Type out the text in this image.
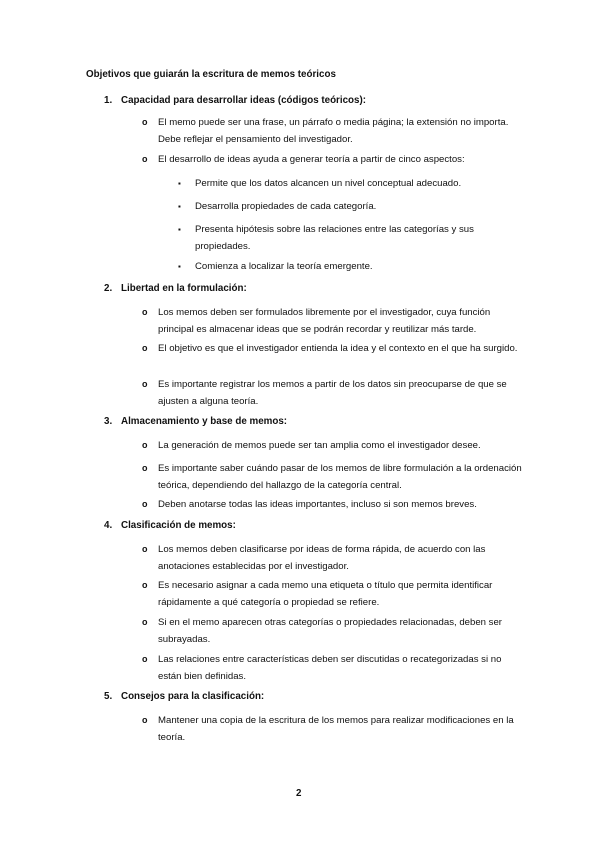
Objetivos que guiarán la escritura de memos teóricos
1. Capacidad para desarrollar ideas (códigos teóricos):
o	El memo puede ser una frase, un párrafo o media página; la extensión no importa. Debe reflejar el pensamiento del investigador.
o	El desarrollo de ideas ayuda a generar teoría a partir de cinco aspectos:
▪	Permite que los datos alcancen un nivel conceptual adecuado.
▪	Desarrolla propiedades de cada categoría.
▪	Presenta hipótesis sobre las relaciones entre las categorías y sus propiedades.
▪	Comienza a localizar la teoría emergente.
2. Libertad en la formulación:
o	Los memos deben ser formulados libremente por el investigador, cuya función principal es almacenar ideas que se podrán recordar y reutilizar más tarde.
o	El objetivo es que el investigador entienda la idea y el contexto en el que ha surgido.
o	Es importante registrar los memos a partir de los datos sin preocuparse de que se ajusten a alguna teoría.
3. Almacenamiento y base de memos:
o	La generación de memos puede ser tan amplia como el investigador desee.
o	Es importante saber cuándo pasar de los memos de libre formulación a la ordenación teórica, dependiendo del hallazgo de la categoría central.
o	Deben anotarse todas las ideas importantes, incluso si son memos breves.
4. Clasificación de memos:
o	Los memos deben clasificarse por ideas de forma rápida, de acuerdo con las anotaciones establecidas por el investigador.
o	Es necesario asignar a cada memo una etiqueta o título que permita identificar rápidamente a qué categoría o propiedad se refiere.
o	Si en el memo aparecen otras categorías o propiedades relacionadas, deben ser subrayadas.
o	Las relaciones entre características deben ser discutidas o recategorizadas si no están bien definidas.
5. Consejos para la clasificación:
o	Mantener una copia de la escritura de los memos para realizar modificaciones en la teoría.
2
